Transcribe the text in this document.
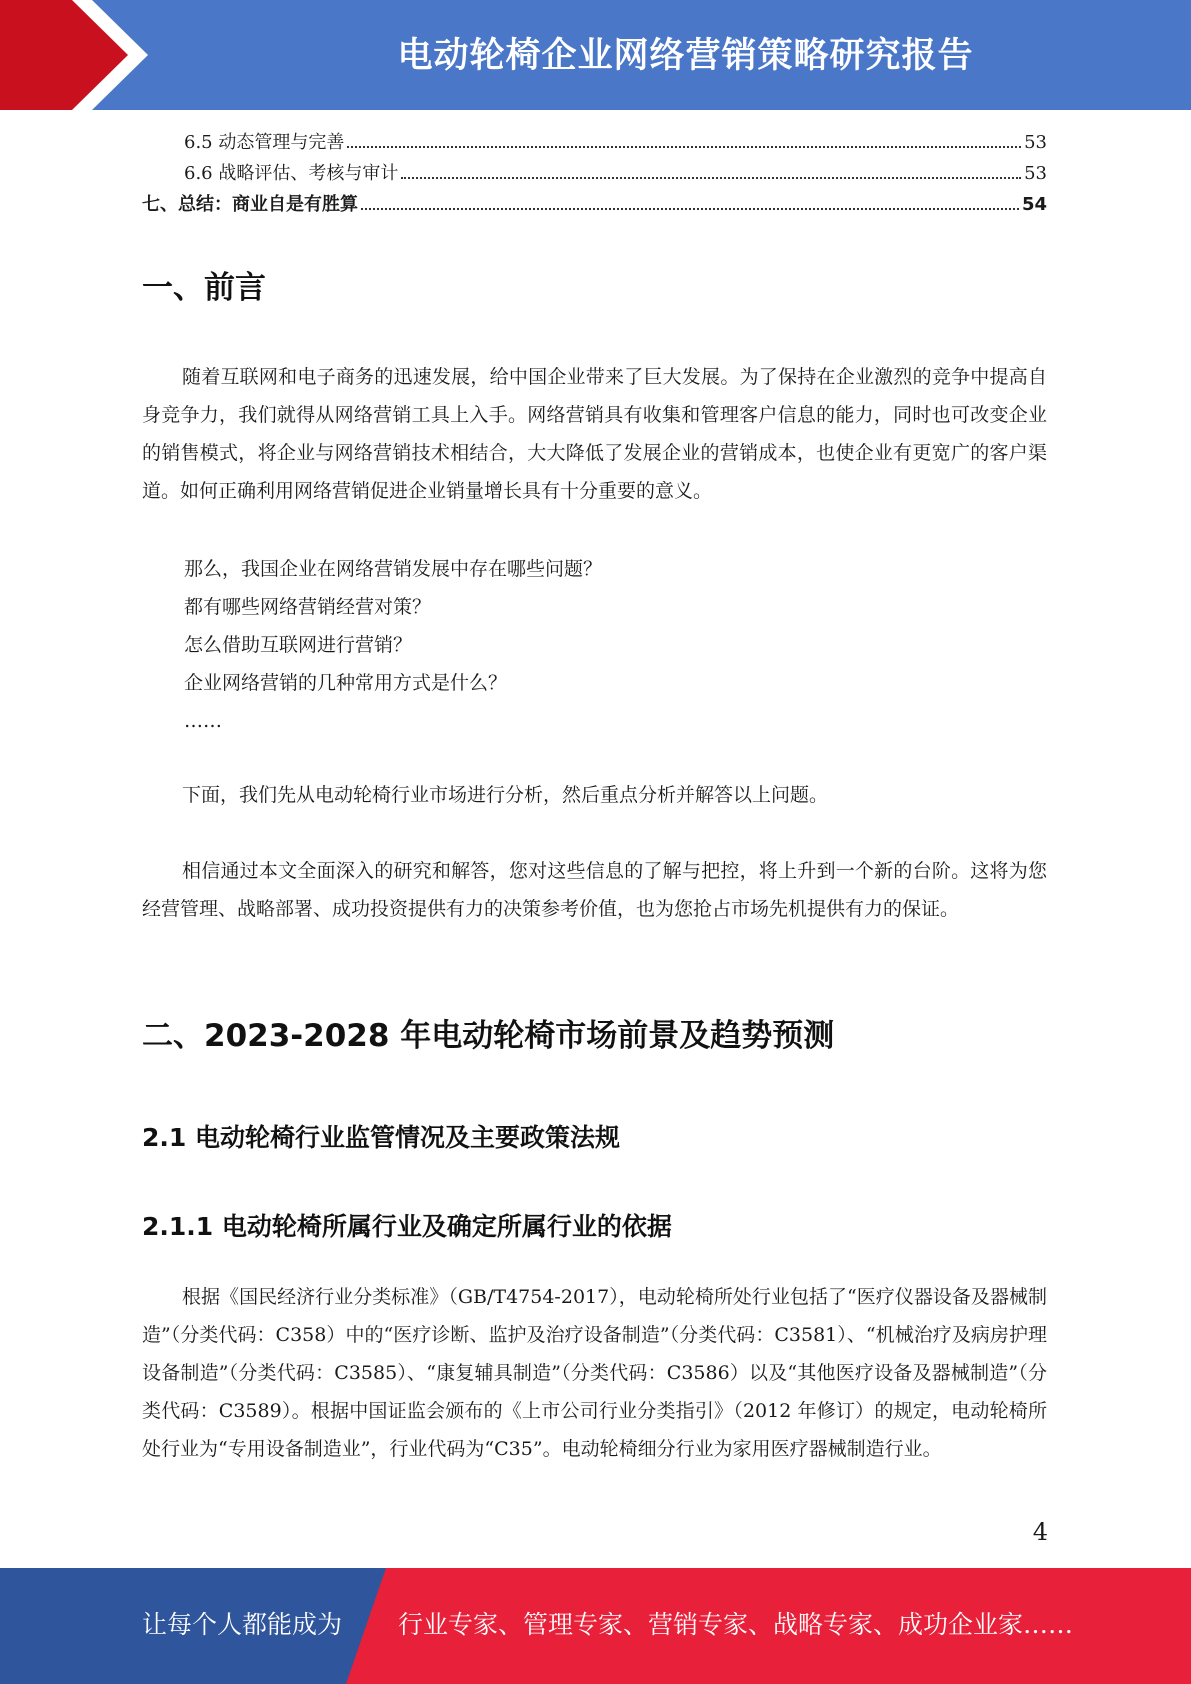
电动轮椅企业网络营销策略研究报告
6.5 动态管理与完善	53
6.6 战略评估、考核与审计	53
七、总结：商业自是有胜算	54
一、前言

随着互联网和电子商务的迅速发展，给中国企业带来了巨大发展。为了保持在企业激烈的竞争中提高自身竞争力，我们就得从网络营销工具上入手。网络营销具有收集和管理客户信息的能力，同时也可改变企业的销售模式，将企业与网络营销技术相结合，大大降低了发展企业的营销成本，也使企业有更宽广的客户渠道。如何正确利用网络营销促进企业销量增长具有十分重要的意义。

那么，我国企业在网络营销发展中存在哪些问题？
都有哪些网络营销经营对策？
怎么借助互联网进行营销？
企业网络营销的几种常用方式是什么？
……

下面，我们先从电动轮椅行业市场进行分析，然后重点分析并解答以上问题。

相信通过本文全面深入的研究和解答，您对这些信息的了解与把控，将上升到一个新的台阶。这将为您经营管理、战略部署、成功投资提供有力的决策参考价值，也为您抢占市场先机提供有力的保证。

二、2023-2028 年电动轮椅市场前景及趋势预测
2.1 电动轮椅行业监管情况及主要政策法规
2.1.1 电动轮椅所属行业及确定所属行业的依据

根据《国民经济行业分类标准》（GB/T4754-2017），电动轮椅所处行业包括了“医疗仪器设备及器械制造”（分类代码：C358）中的“医疗诊断、监护及治疗设备制造”（分类代码：C3581）、“机械治疗及病房护理设备制造”（分类代码：C3585）、“康复辅具制造”（分类代码：C3586）以及“其他医疗设备及器械制造”（分类代码：C3589）。根据中国证监会颁布的《上市公司行业分类指引》（2012 年修订）的规定，电动轮椅所处行业为“专用设备制造业”，行业代码为“C35”。电动轮椅细分行业为家用医疗器械制造行业。

4
让每个人都能成为 行业专家、管理专家、营销专家、战略专家、成功企业家……
